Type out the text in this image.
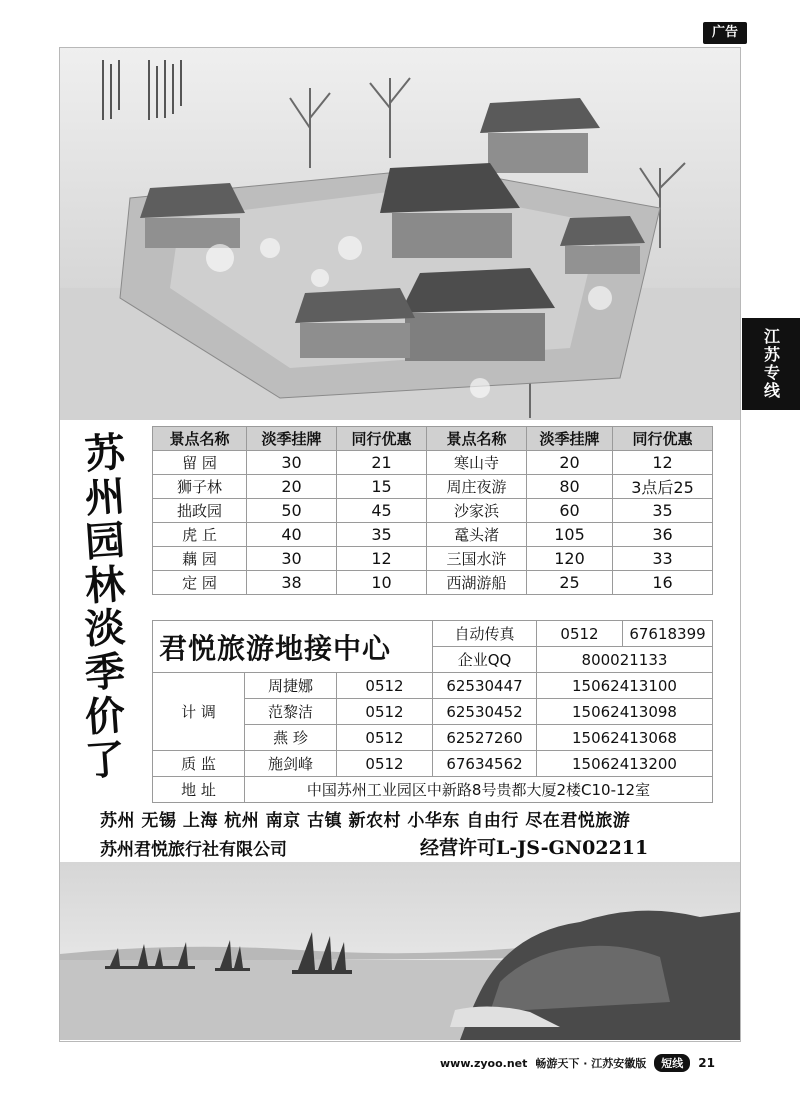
广告
江苏专线
苏
州
园
林
淡
季
价
了
景点名称	淡季挂牌	同行优惠	景点名称	淡季挂牌	同行优惠
留 园	30	21	寒山寺	20	12
狮子林	20	15	周庄夜游	80	3点后25
拙政园	50	45	沙家浜	60	35
虎 丘	40	35	鼋头渚	105	36
藕 园	30	12	三国水浒	120	33
定 园	38	10	西湖游船	25	16
君悦旅游地接中心			自动传真	0512	67618399
			企业QQ	800021133	
计 调	周捷娜	0512	62530447	15062413100	
	范黎洁	0512	62530452	15062413098	
	燕 珍	0512	62527260	15062413068	
质 监	施剑峰	0512	67634562	15062413200	
地 址	中国苏州工业园区中新路8号贵都大厦2楼C10-12室				
苏州 无锡 上海 杭州 南京 古镇 新农村 小华东 自由行 尽在君悦旅游
苏州君悦旅行社有限公司	经营许可L-JS-GN02211
www.zyoo.net 畅游天下 · 江苏安徽版	短线	21
